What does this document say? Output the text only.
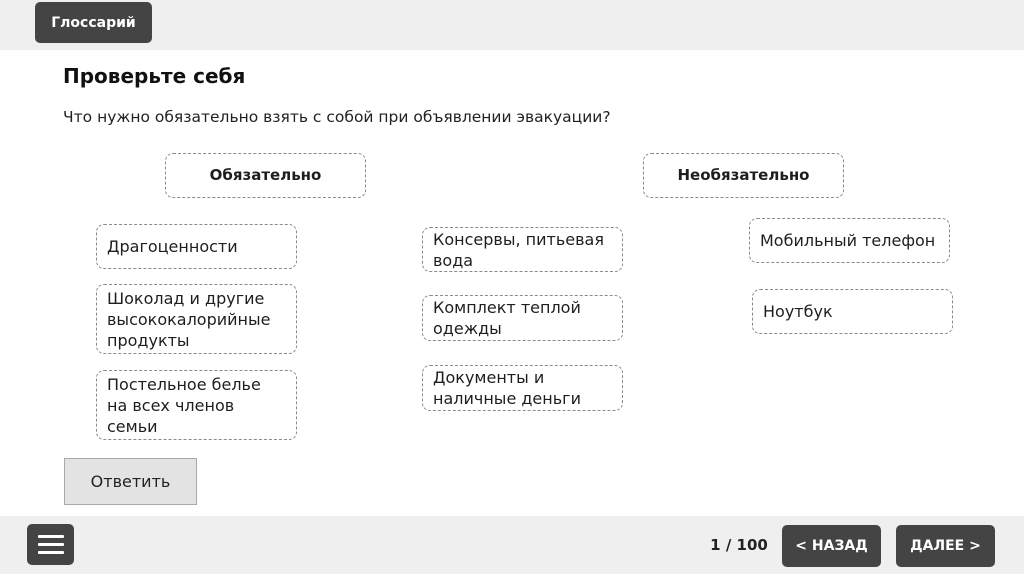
Глоссарий
Проверьте себя
Что нужно обязательно взять с собой при объявлении эвакуации?
Обязательно	Необязательно
Драгоценности
Шоколад и другие высококалорийные продукты
Постельное белье на всех членов семьи
Консервы, питьевая вода
Комплект теплой одежды
Документы и наличные деньги
Мобильный телефон
Ноутбук
Ответить
1 / 100	< НАЗАД	ДАЛЕЕ >
